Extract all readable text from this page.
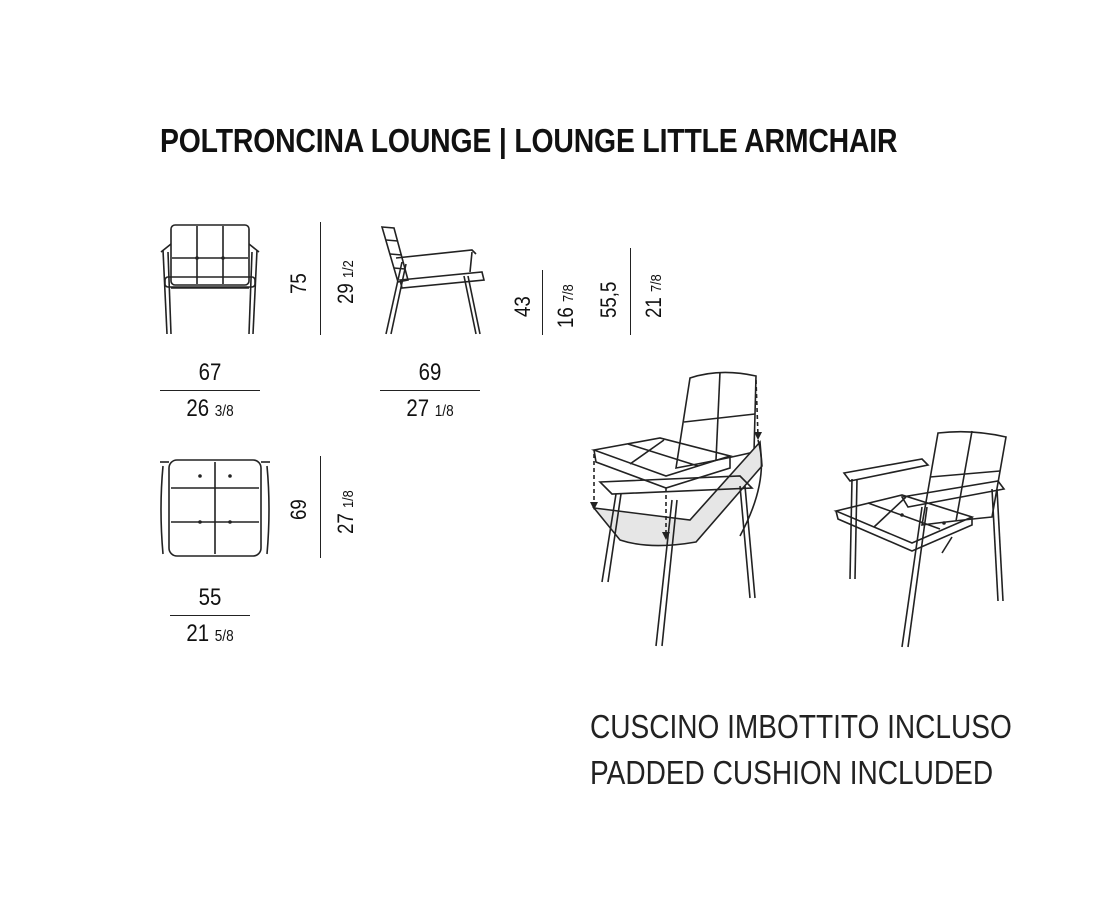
POLTRONCINA LOUNGE | LOUNGE LITTLE ARMCHAIR
75 29 1/2
67
26 3/8
43
16 7/8 55,5 21 7/8
69
27 1/8
69
27 1/8
55
21 5/8
CUSCINO IMBOTTITO INCLUSO
PADDED CUSHION INCLUDED
